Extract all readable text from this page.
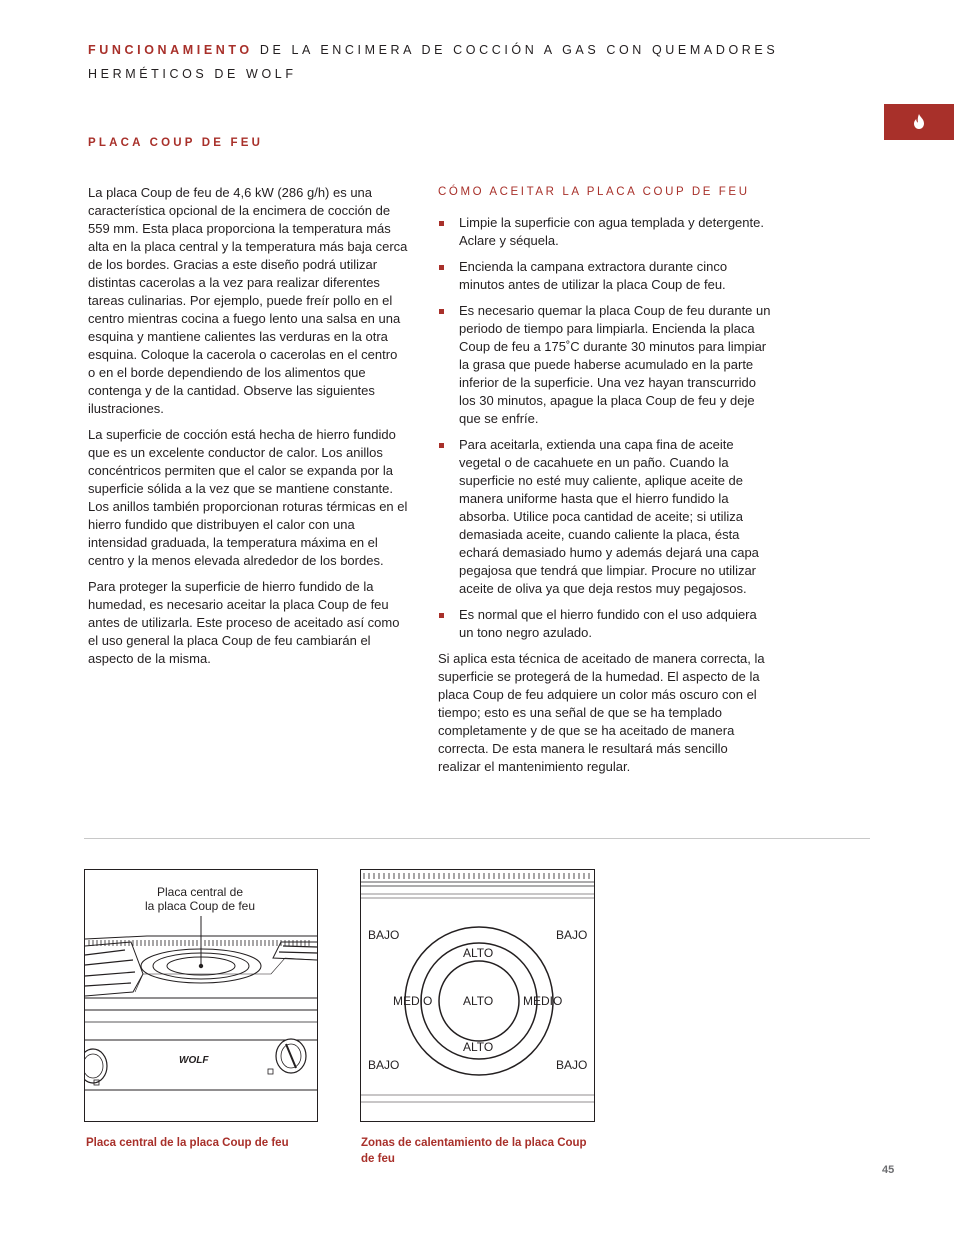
FUNCIONAMIENTO DE LA ENCIMERA DE COCCIÓN A GAS CON QUEMADORES HERMÉTICOS DE WOLF
PLACA COUP DE FEU

La placa Coup de feu de 4,6 kW (286 g/h) es una característica opcional de la encimera de cocción de 559 mm. Esta placa proporciona la temperatura más alta en la placa central y la temperatura más baja cerca de los bordes. Gracias a este diseño podrá utilizar distintas cacerolas a la vez para realizar diferentes tareas culinarias. Por ejemplo, puede freír pollo en el centro mientras cocina a fuego lento una salsa en una esquina y mantiene calientes las verduras en la otra esquina. Coloque la cacerola o cacerolas en el centro o en el borde dependiendo de los alimentos que contenga y de la cantidad. Observe las siguientes ilustraciones.

La superficie de cocción está hecha de hierro fundido que es un excelente conductor de calor. Los anillos concéntricos permiten que el calor se expanda por la superficie sólida a la vez que se mantiene constante. Los anillos también proporcionan roturas térmicas en el hierro fundido que distribuyen el calor con una intensidad graduada, la temperatura máxima en el centro y la menos elevada alrededor de los bordes.

Para proteger la superficie de hierro fundido de la humedad, es necesario aceitar la placa Coup de feu antes de utilizarla. Este proceso de aceitado así como el uso general la placa Coup de feu cambiarán el aspecto de la misma.

CÓMO ACEITAR LA PLACA COUP DE FEU
Limpie la superficie con agua templada y detergente. Aclare y séquela.
Encienda la campana extractora durante cinco minutos antes de utilizar la placa Coup de feu.
Es necesario quemar la placa Coup de feu durante un periodo de tiempo para limpiarla. Encienda la placa Coup de feu a 175˚C durante 30 minutos para limpiar la grasa que puede haberse acumulado en la parte inferior de la superficie. Una vez hayan transcurrido los 30 minutos, apague la placa Coup de feu y deje que se enfríe.
Para aceitarla, extienda una capa fina de aceite vegetal o de cacahuete en un paño. Cuando la superficie no esté muy caliente, aplique aceite de manera uniforme hasta que el hierro fundido la absorba. Utilice poca cantidad de aceite; si utiliza demasiada aceite, cuando caliente la placa, ésta echará demasiado humo y además dejará una capa pegajosa que tendrá que limpiar. Procure no utilizar aceite de oliva ya que deja restos muy pegajosos.
Es normal que el hierro fundido con el uso adquiera un tono negro azulado.

Si aplica esta técnica de aceitado de manera correcta, la superficie se protegerá de la humedad. El aspecto de la placa Coup de feu adquiere un color más oscuro con el tiempo; esto es una señal de que se ha templado completamente y de que se ha aceitado de manera correcta. De esta manera le resultará más sencillo realizar el mantenimiento regular.

Placa central de
la placa Coup de feu
WOLF
BAJO	BAJO
BAJO	BAJO
MEDIO	MEDIO
ALTO
ALTO
ALTO
Placa central de la placa Coup de feu	Zonas de calentamiento de la placa Coup de feu
45
